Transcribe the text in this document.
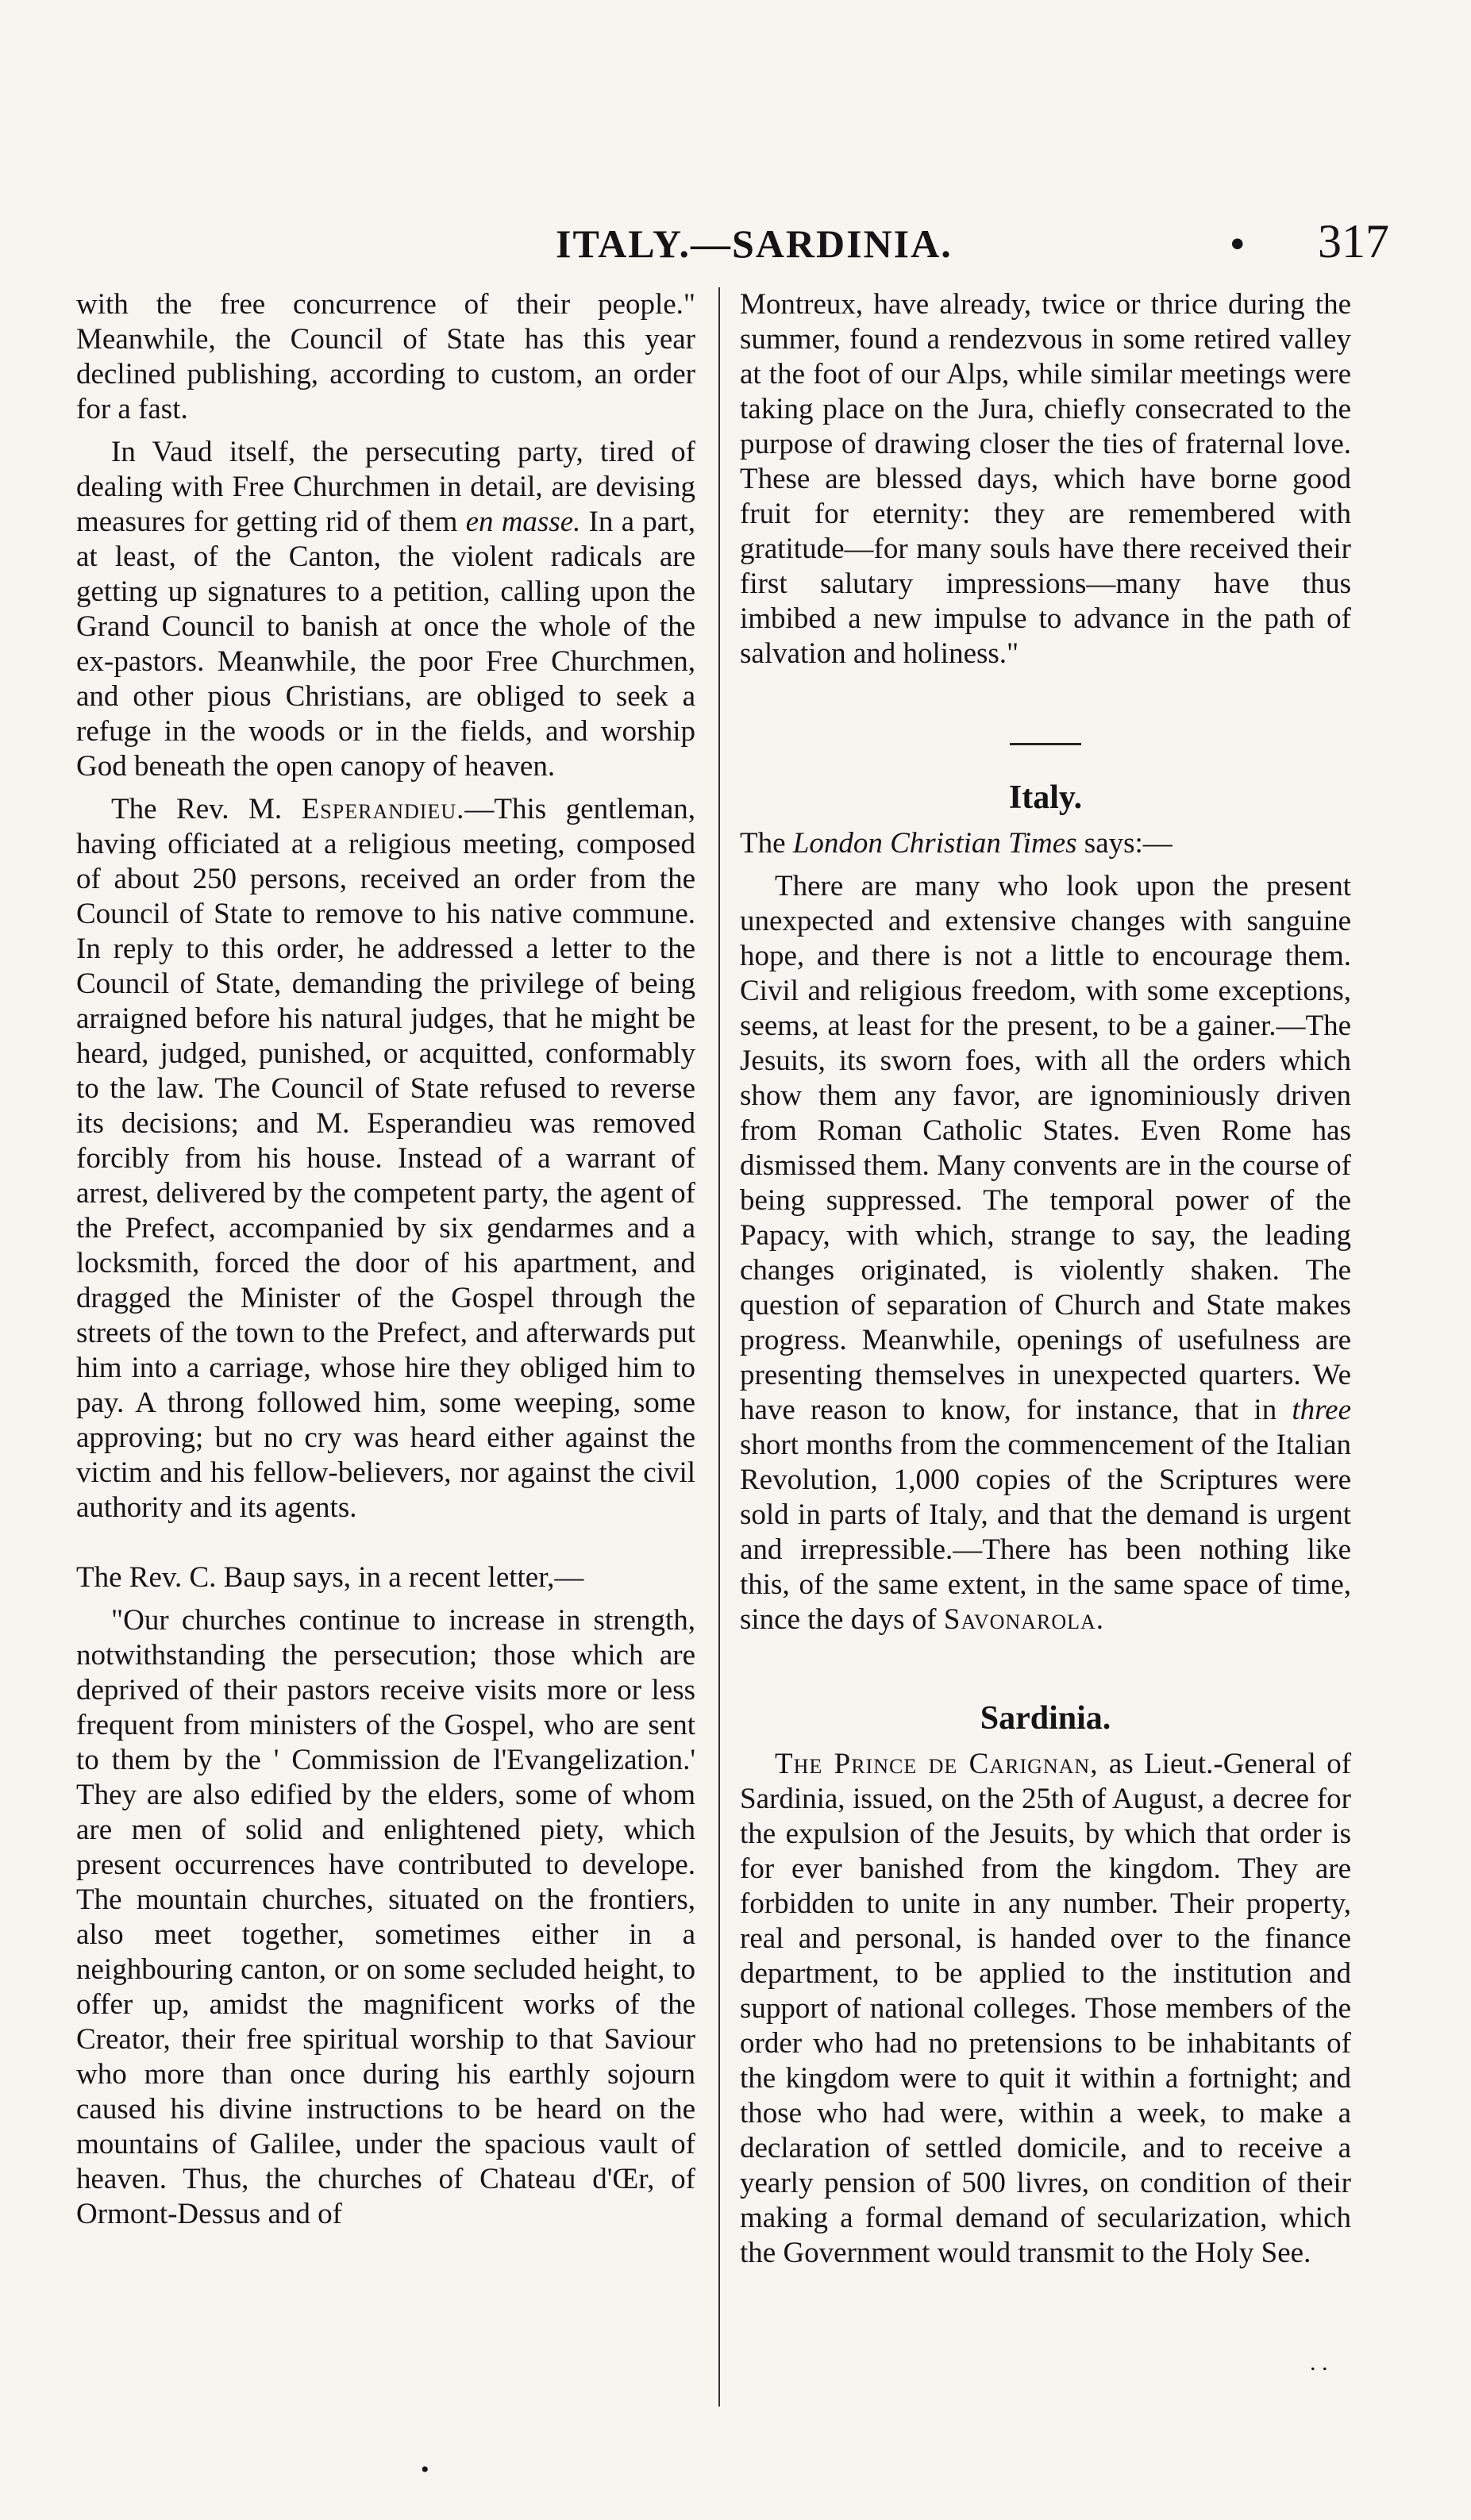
ITALY.—SARDINIA.	• 317

with the free concurrence of their people." Meanwhile, the Council of State has this year declined publishing, according to custom, an order for a fast.

In Vaud itself, the persecuting party, tired of dealing with Free Churchmen in detail, are devising measures for getting rid of them en masse. In a part, at least, of the Canton, the violent radicals are getting up signatures to a petition, calling upon the Grand Council to banish at once the whole of the ex-pastors. Meanwhile, the poor Free Churchmen, and other pious Christians, are obliged to seek a refuge in the woods or in the fields, and worship God beneath the open canopy of heaven.

The Rev. M. Esperandieu.—This gentleman, having officiated at a religious meeting, composed of about 250 persons, received an order from the Council of State to remove to his native commune. In reply to this order, he addressed a letter to the Council of State, demanding the privilege of being arraigned before his natural judges, that he might be heard, judged, punished, or acquitted, conformably to the law. The Council of State refused to reverse its decisions; and M. Esperandieu was removed forcibly from his house. Instead of a warrant of arrest, delivered by the competent party, the agent of the Prefect, accompanied by six gendarmes and a locksmith, forced the door of his apartment, and dragged the Minister of the Gospel through the streets of the town to the Prefect, and afterwards put him into a carriage, whose hire they obliged him to pay. A throng followed him, some weeping, some approving; but no cry was heard either against the victim and his fellow-believers, nor against the civil authority and its agents.

The Rev. C. Baup says, in a recent letter,—

"Our churches continue to increase in strength, notwithstanding the persecution; those which are deprived of their pastors receive visits more or less frequent from ministers of the Gospel, who are sent to them by the ' Commission de l'Evangelization.' They are also edified by the elders, some of whom are men of solid and enlightened piety, which present occurrences have contributed to develope. The mountain churches, situated on the frontiers, also meet together, sometimes either in a neighbouring canton, or on some secluded height, to offer up, amidst the magnificent works of the Creator, their free spiritual worship to that Saviour who more than once during his earthly sojourn caused his divine instructions to be heard on the mountains of Galilee, under the spacious vault of heaven. Thus, the churches of Chateau d'Œr, of Ormont-Dessus and of

Montreux, have already, twice or thrice during the summer, found a rendezvous in some retired valley at the foot of our Alps, while similar meetings were taking place on the Jura, chiefly consecrated to the purpose of drawing closer the ties of fraternal love. These are blessed days, which have borne good fruit for eternity: they are remembered with gratitude—for many souls have there received their first salutary impressions—many have thus imbibed a new impulse to advance in the path of salvation and holiness."

Italy.

The London Christian Times says:—

There are many who look upon the present unexpected and extensive changes with sanguine hope, and there is not a little to encourage them. Civil and religious freedom, with some exceptions, seems, at least for the present, to be a gainer.—The Jesuits, its sworn foes, with all the orders which show them any favor, are ignominiously driven from Roman Catholic States. Even Rome has dismissed them. Many convents are in the course of being suppressed. The temporal power of the Papacy, with which, strange to say, the leading changes originated, is violently shaken. The question of separation of Church and State makes progress. Meanwhile, openings of usefulness are presenting themselves in unexpected quarters. We have reason to know, for instance, that in three short months from the commencement of the Italian Revolution, 1,000 copies of the Scriptures were sold in parts of Italy, and that the demand is urgent and irrepressible.—There has been nothing like this, of the same extent, in the same space of time, since the days of Savonarola.

Sardinia.

The Prince de Carignan, as Lieut.-General of Sardinia, issued, on the 25th of August, a decree for the expulsion of the Jesuits, by which that order is for ever banished from the kingdom. They are forbidden to unite in any number. Their property, real and personal, is handed over to the finance department, to be applied to the institution and support of national colleges. Those members of the order who had no pretensions to be inhabitants of the kingdom were to quit it within a fortnight; and those who had were, within a week, to make a declaration of settled domicile, and to receive a yearly pension of 500 livres, on condition of their making a formal demand of secularization, which the Government would transmit to the Holy See.

•
. .
